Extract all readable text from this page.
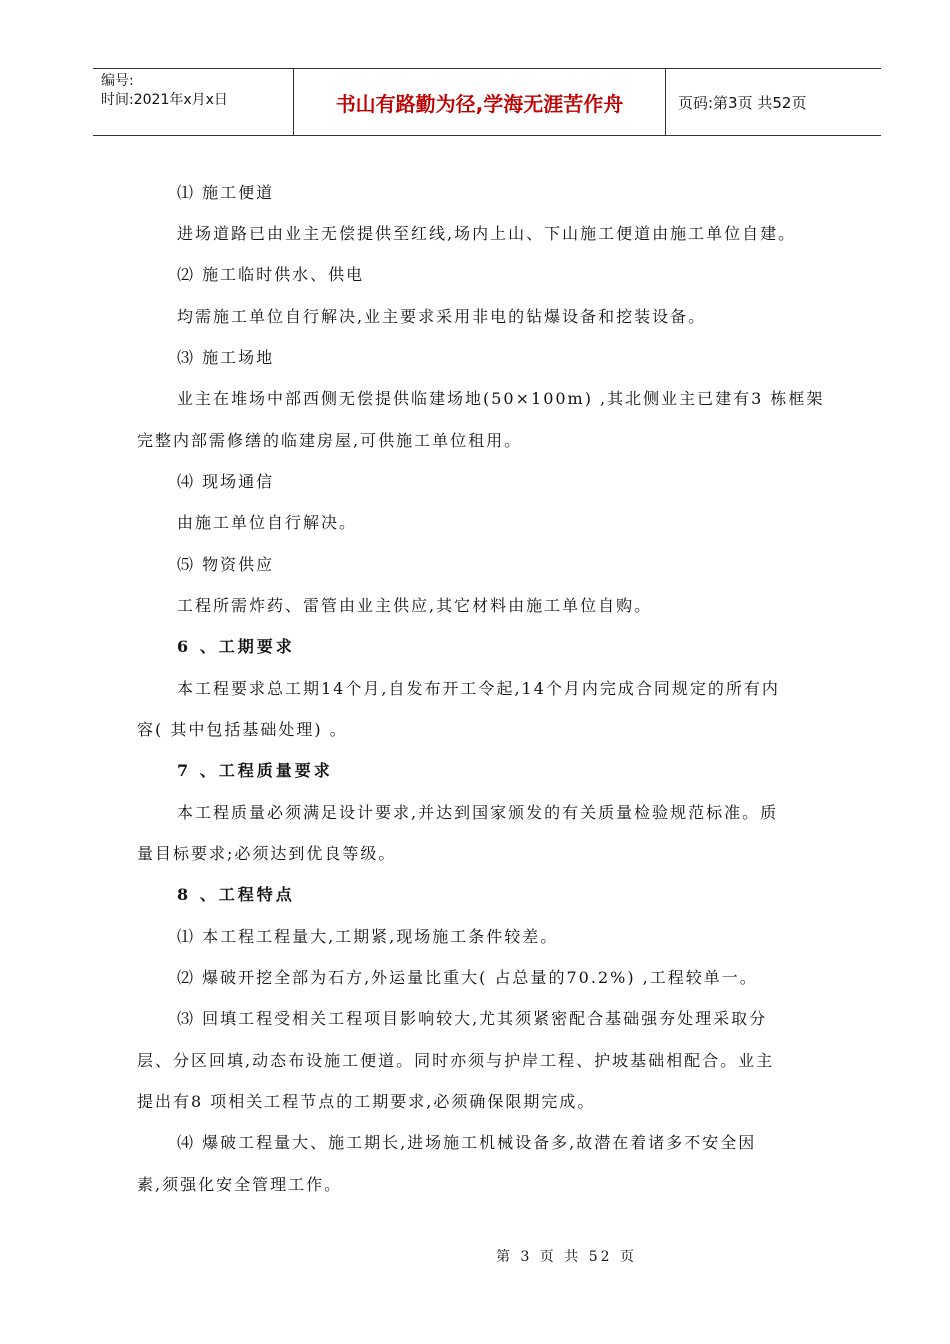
编号:
时间:2021年x月x日	书山有路勤为径,学海无涯苦作舟	页码:第3页 共52页
⑴ 施工便道
进场道路已由业主无偿提供至红线,场内上山、下山施工便道由施工单位自建。
⑵ 施工临时供水、供电
均需施工单位自行解决,业主要求采用非电的钻爆设备和挖装设备。
⑶ 施工场地
业主在堆场中部西侧无偿提供临建场地(50×100m) ,其北侧业主已建有3 栋框架
完整内部需修缮的临建房屋,可供施工单位租用。
⑷ 现场通信
由施工单位自行解决。
⑸ 物资供应
工程所需炸药、雷管由业主供应,其它材料由施工单位自购。
6 、工期要求
本工程要求总工期14个月,自发布开工令起,14个月内完成合同规定的所有内
容( 其中包括基础处理) 。
7 、工程质量要求
本工程质量必须满足设计要求,并达到国家颁发的有关质量检验规范标准。质
量目标要求;必须达到优良等级。
8 、工程特点
⑴ 本工程工程量大,工期紧,现场施工条件较差。
⑵ 爆破开挖全部为石方,外运量比重大( 占总量的70.2%) ,工程较单一。
⑶ 回填工程受相关工程项目影响较大,尤其须紧密配合基础强夯处理采取分
层、分区回填,动态布设施工便道。同时亦须与护岸工程、护坡基础相配合。业主
提出有8 项相关工程节点的工期要求,必须确保限期完成。
⑷ 爆破工程量大、施工期长,进场施工机械设备多,故潜在着诸多不安全因
素,须强化安全管理工作。
第 3 页 共 52 页
